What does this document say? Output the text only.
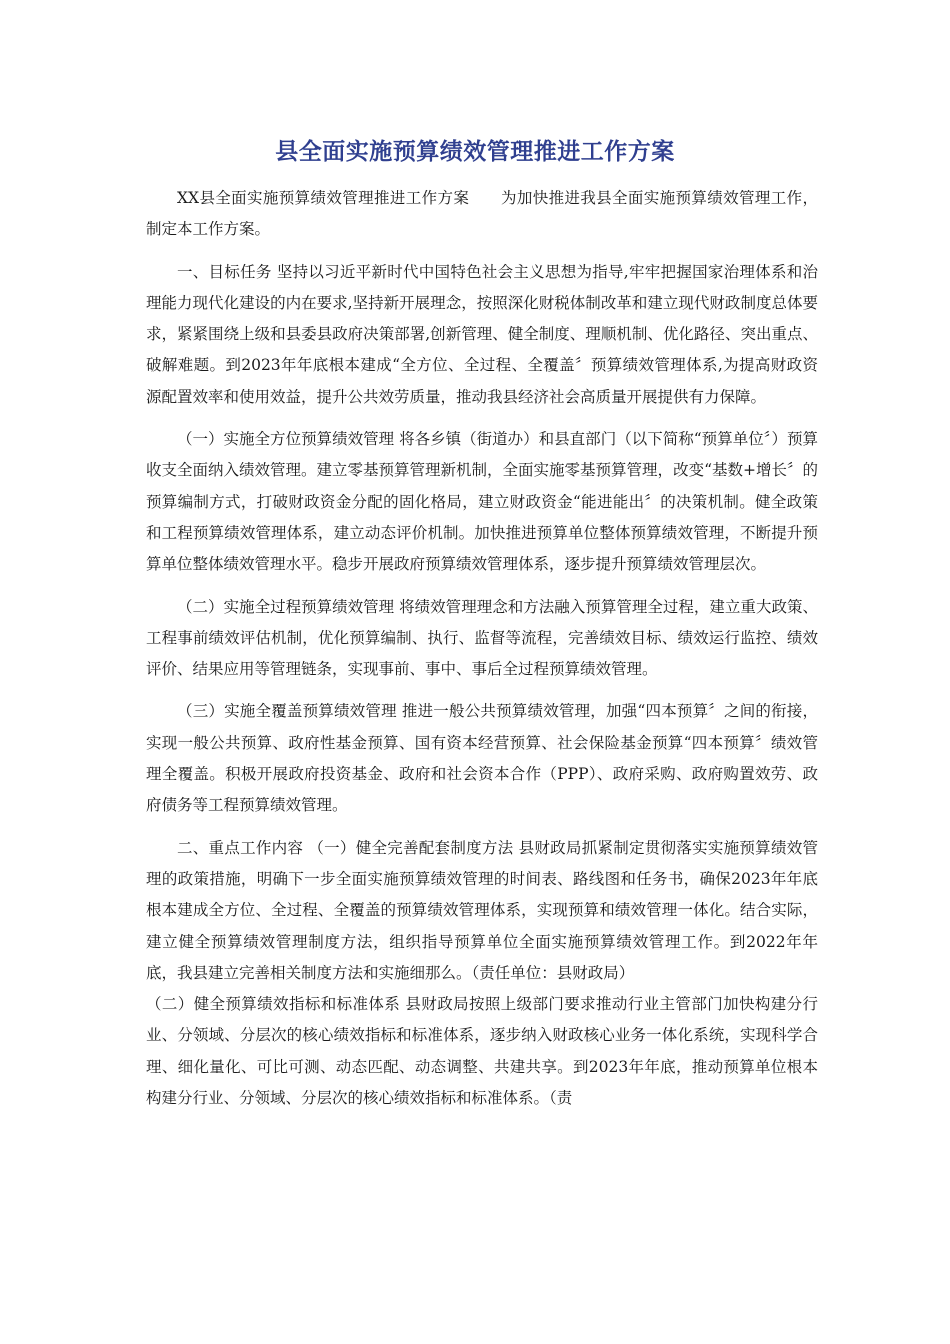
县全面实施预算绩效管理推进工作方案

XX县全面实施预算绩效管理推进工作方案　　为加快推进我县全面实施预算绩效管理工作，制定本工作方案。

一、目标任务 坚持以习近平新时代中国特色社会主义思想为指导,牢牢把握国家治理体系和治理能力现代化建设的内在要求,坚持新开展理念，按照深化财税体制改革和建立现代财政制度总体要求，紧紧围绕上级和县委县政府决策部署,创新管理、健全制度、理顺机制、优化路径、突出重点、破解难题。到2023年年底根本建成“全方位、全过程、全覆盖〞预算绩效管理体系,为提高财政资源配置效率和使用效益，提升公共效劳质量，推动我县经济社会高质量开展提供有力保障。

（一）实施全方位预算绩效管理 将各乡镇（街道办）和县直部门（以下简称“预算单位〞）预算收支全面纳入绩效管理。建立零基预算管理新机制，全面实施零基预算管理，改变“基数+增长〞的预算编制方式，打破财政资金分配的固化格局，建立财政资金“能进能出〞的决策机制。健全政策和工程预算绩效管理体系，建立动态评价机制。加快推进预算单位整体预算绩效管理，不断提升预算单位整体绩效管理水平。稳步开展政府预算绩效管理体系，逐步提升预算绩效管理层次。

（二）实施全过程预算绩效管理 将绩效管理理念和方法融入预算管理全过程，建立重大政策、工程事前绩效评估机制，优化预算编制、执行、监督等流程，完善绩效目标、绩效运行监控、绩效评价、结果应用等管理链条，实现事前、事中、事后全过程预算绩效管理。

（三）实施全覆盖预算绩效管理 推进一般公共预算绩效管理，加强“四本预算〞之间的衔接，实现一般公共预算、政府性基金预算、国有资本经营预算、社会保险基金预算“四本预算〞绩效管理全覆盖。积极开展政府投资基金、政府和社会资本合作（PPP）、政府采购、政府购置效劳、政府债务等工程预算绩效管理。

二、重点工作内容 （一）健全完善配套制度方法 县财政局抓紧制定贯彻落实实施预算绩效管理的政策措施，明确下一步全面实施预算绩效管理的时间表、路线图和任务书，确保2023年年底根本建成全方位、全过程、全覆盖的预算绩效管理体系，实现预算和绩效管理一体化。结合实际，建立健全预算绩效管理制度方法，组织指导预算单位全面实施预算绩效管理工作。到2022年年底，我县建立完善相关制度方法和实施细那么。（责任单位：县财政局）

（二）健全预算绩效指标和标准体系 县财政局按照上级部门要求推动行业主管部门加快构建分行业、分领域、分层次的核心绩效指标和标准体系，逐步纳入财政核心业务一体化系统，实现科学合理、细化量化、可比可测、动态匹配、动态调整、共建共享。到2023年年底，推动预算单位根本构建分行业、分领域、分层次的核心绩效指标和标准体系。（责
